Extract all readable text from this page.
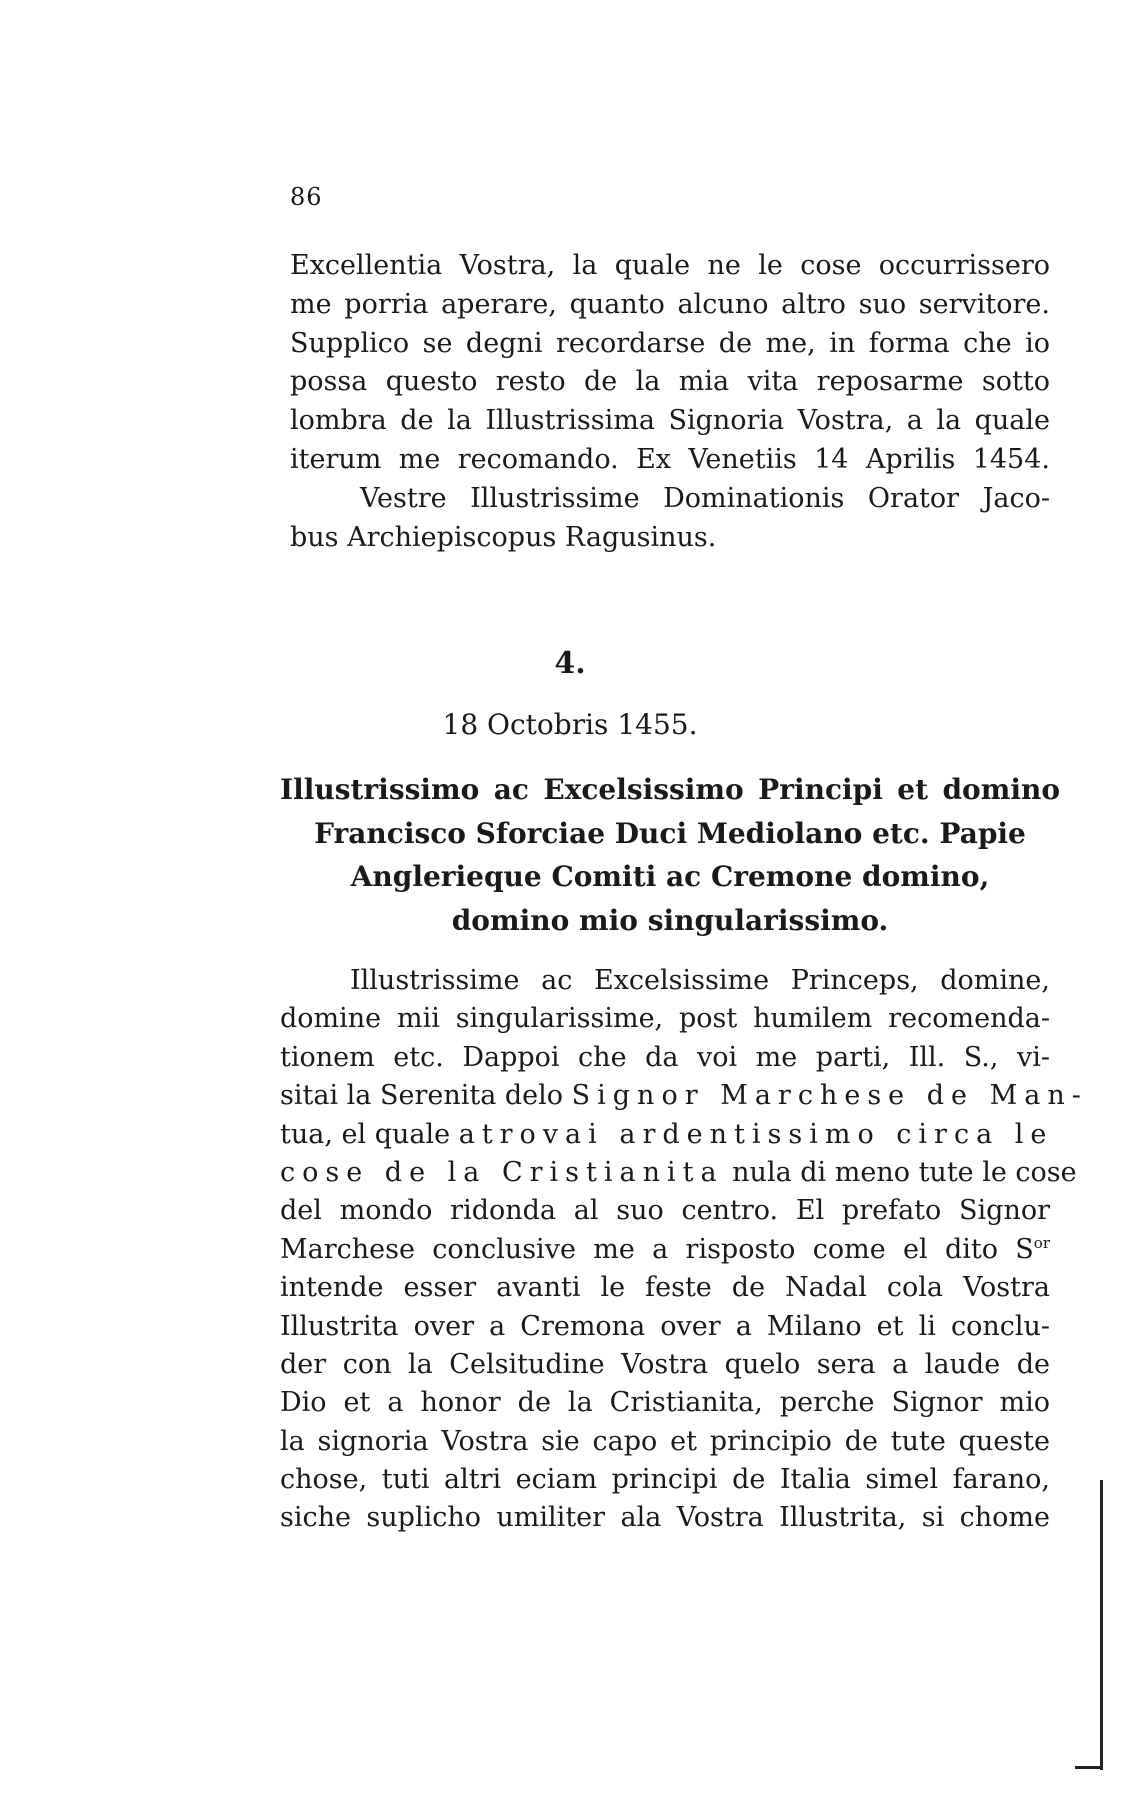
86
Excellentia Vostra, la quale ne le cose occurrissero
me porria aperare, quanto alcuno altro suo servitore.
Supplico se degni recordarse de me, in forma che io
possa questo resto de la mia vita reposarme sotto
lombra de la Illustrissima Signoria Vostra, a la quale
iterum me recomando. Ex Venetiis 14 Aprilis 1454.
Vestre Illustrissime Dominationis Orator Jaco-
bus Archiepiscopus Ragusinus.
4.
18 Octobris 1455.
Illustrissimo ac Excelsissimo Principi et domino
Francisco Sforciae Duci Mediolano etc. Papie
Anglerieque Comiti ac Cremone domino,
domino mio singularissimo.
Illustrissime ac Excelsissime Princeps, domine,
domine mii singularissime, post humilem recomenda-
tionem etc. Dappoi che da voi me parti, Ill. S., vi-
sitai la Serenita delo Signor Marchese de Man-
tua, el quale atrovai ardentissimo circa le
cose de la Cristianita nula di meno tute le cose
del mondo ridonda al suo centro. El prefato Signor
Marchese conclusive me a risposto come el dito $S^{or}$
intende esser avanti le feste de Nadal cola Vostra
Illustrita over a Cremona over a Milano et li conclu-
der con la Celsitudine Vostra quelo sera a laude de
Dio et a honor de la Cristianita, perche Signor mio
la signoria Vostra sie capo et principio de tute queste
chose, tuti altri eciam principi de Italia simel farano,
siche suplicho umiliter ala Vostra Illustrita, si chome
